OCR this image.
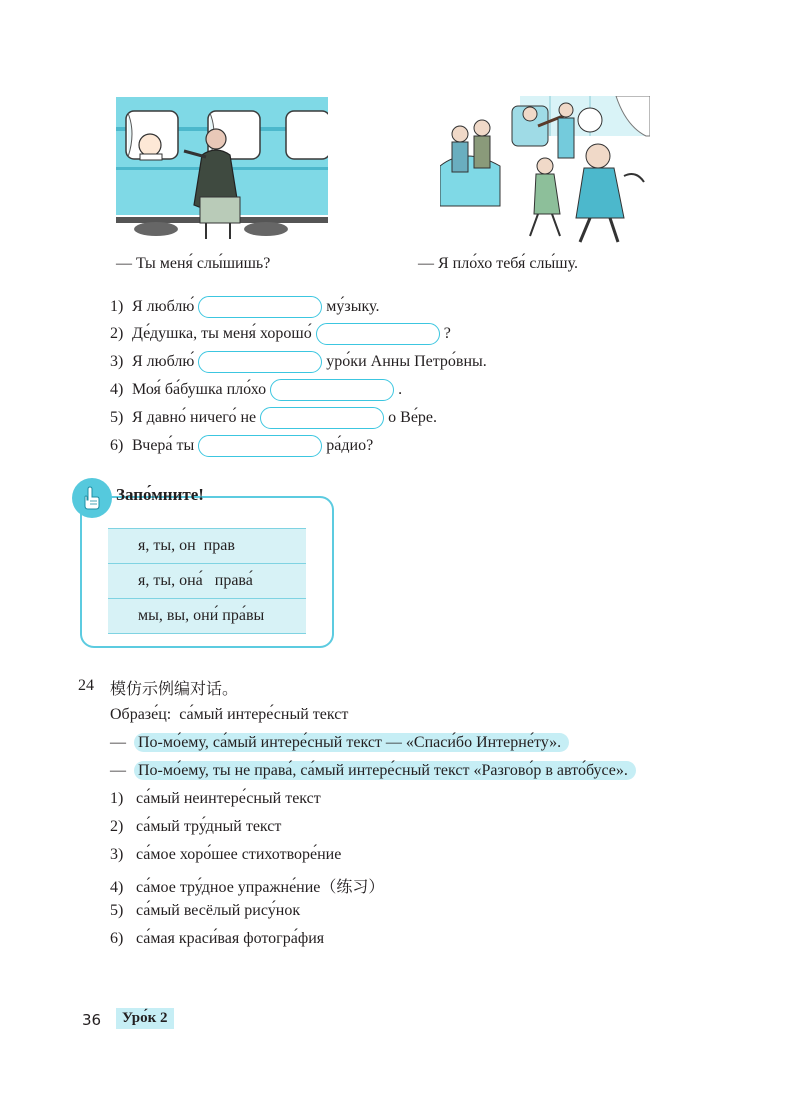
— Ты меня́ слы́шишь?	— Я пло́хо тебя́ слы́шу.
1) Я люблю́	му́зыку.
2) Де́душка, ты меня́ хорошо́	?
3) Я люблю́	уро́ки Анны Петро́вны.
4) Моя́ ба́бушка пло́хо	.
5) Я давно́ ничего́ не	о Ве́ре.
6) Вчера́ ты	ра́дио?
Запо́мните!
я, ты, он  прав
я, ты, она́   права́
мы, вы, они́ пра́вы
24 模仿示例编对话。
Образе́ц: са́мый интере́сный текст
— По-мо́ему, са́мый интере́сный текст — «Спаси́бо Интерне́ту».
— По-мо́ему, ты не права́, са́мый интере́сный текст «Разгово́р в авто́бусе».
1) са́мый неинтере́сный текст
2) са́мый тру́дный текст
3) са́мое хоро́шее стихотворе́ние
4) са́мое тру́дное упражне́ние（练习）
5) са́мый весёлый рису́нок
6) са́мая краси́вая фотогра́фия
36	Уро́к 2
